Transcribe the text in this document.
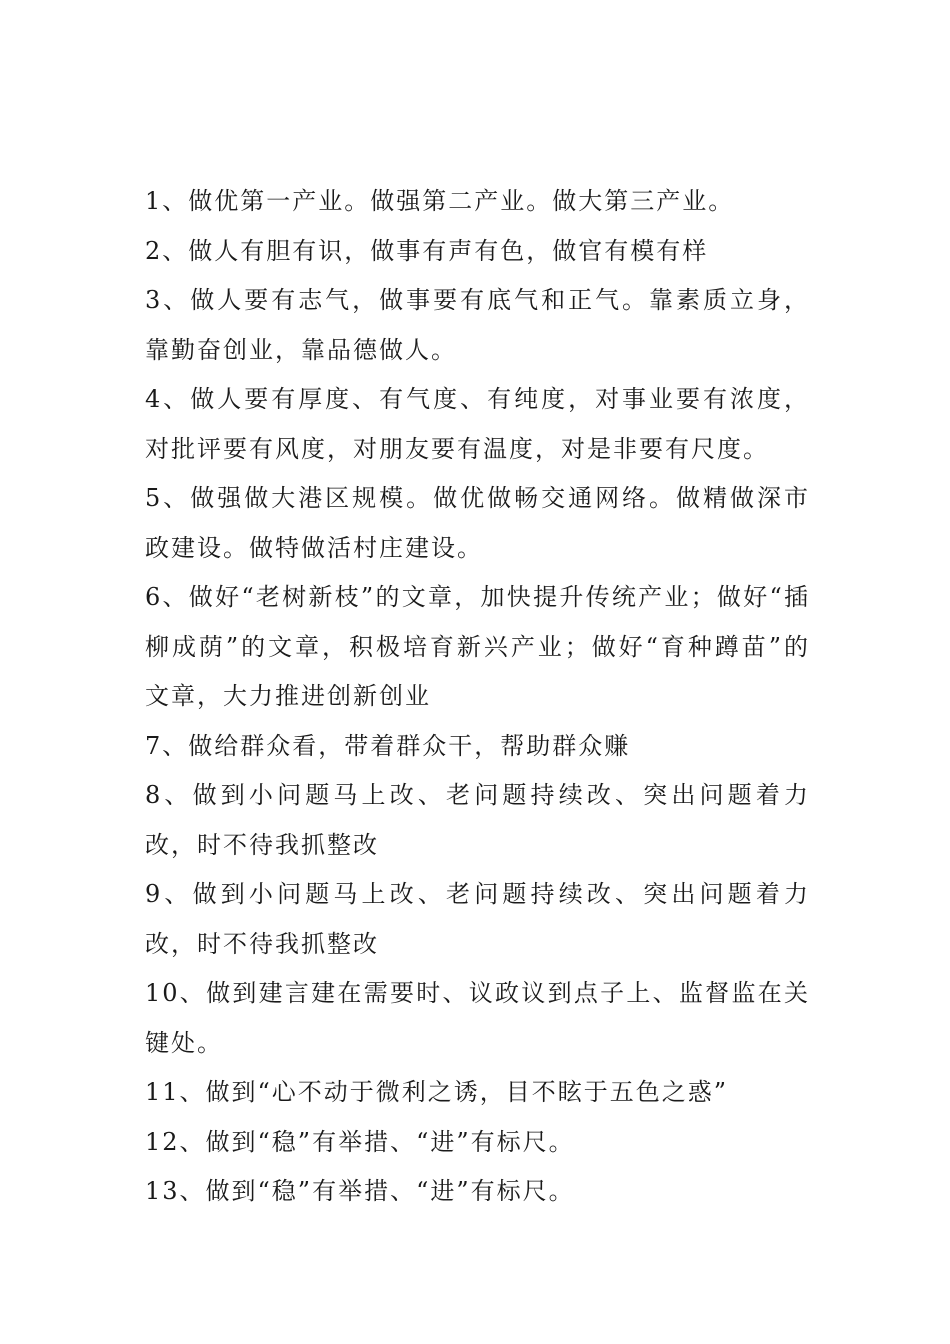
1、做优第一产业。做强第二产业。做大第三产业。

2、做人有胆有识，做事有声有色，做官有模有样

3、做人要有志气，做事要有底气和正气。靠素质立身，靠勤奋创业，靠品德做人。

4、做人要有厚度、有气度、有纯度，对事业要有浓度，对批评要有风度，对朋友要有温度，对是非要有尺度。

5、做强做大港区规模。做优做畅交通网络。做精做深市政建设。做特做活村庄建设。

6、做好“老树新枝”的文章，加快提升传统产业；做好“插柳成荫”的文章，积极培育新兴产业；做好“育种蹲苗”的文章，大力推进创新创业

7、做给群众看，带着群众干，帮助群众赚

8、做到小问题马上改、老问题持续改、突出问题着力改，时不待我抓整改

9、做到小问题马上改、老问题持续改、突出问题着力改，时不待我抓整改

10、做到建言建在需要时、议政议到点子上、监督监在关键处。

11、做到“心不动于微利之诱，目不眩于五色之惑”

12、做到“稳”有举措、“进”有标尺。

13、做到“稳”有举措、“进”有标尺。
